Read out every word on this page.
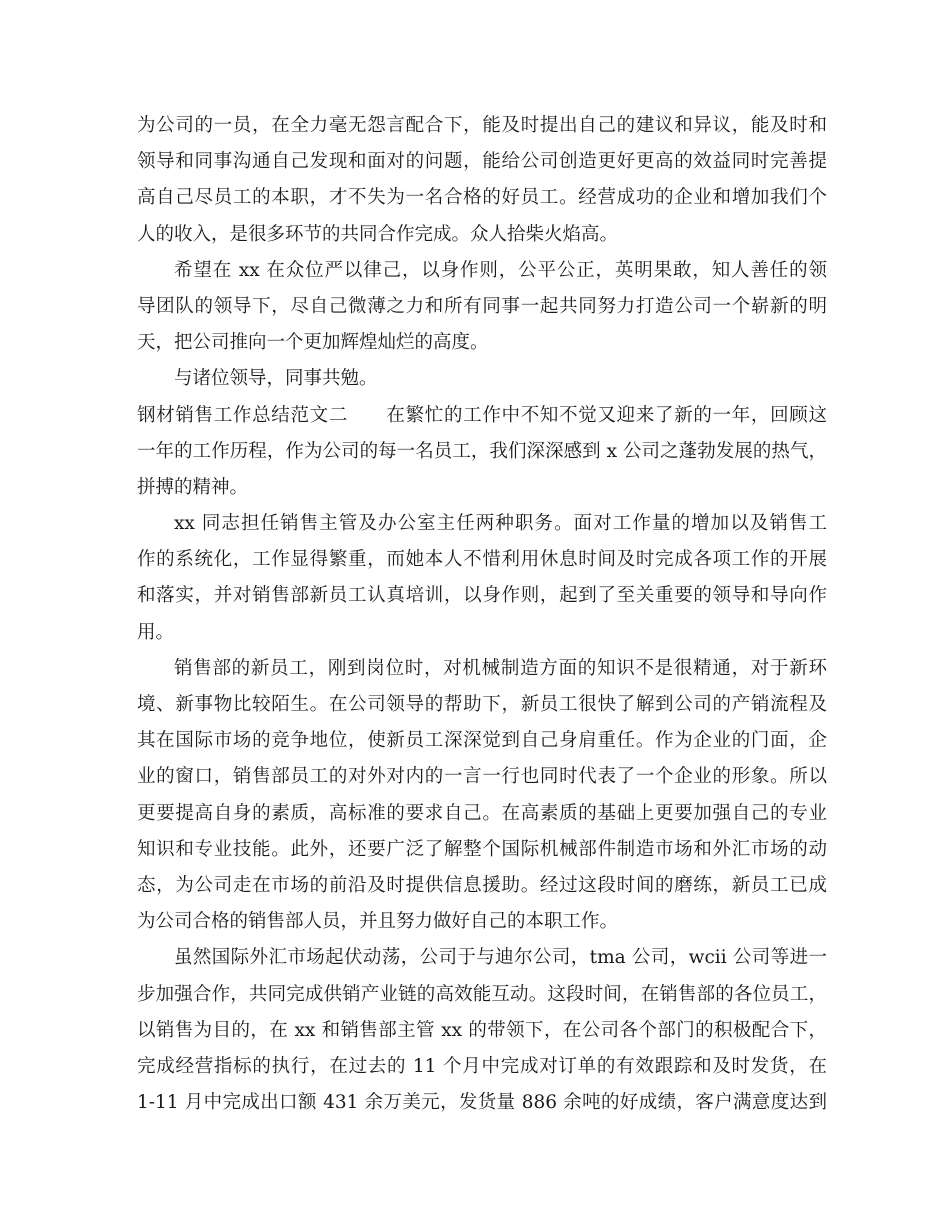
为公司的一员，在全力毫无怨言配合下，能及时提出自己的建议和异议，能及时和
领导和同事沟通自己发现和面对的问题，能给公司创造更好更高的效益同时完善提
高自己尽员工的本职，才不失为一名合格的好员工。经营成功的企业和增加我们个
人的收入，是很多环节的共同合作完成。众人拾柴火焰高。
希望在 xx 在众位严以律己，以身作则，公平公正，英明果敢，知人善任的领
导团队的领导下，尽自己微薄之力和所有同事一起共同努力打造公司一个崭新的明
天，把公司推向一个更加辉煌灿烂的高度。
与诸位领导，同事共勉。
钢材销售工作总结范文二　　在繁忙的工作中不知不觉又迎来了新的一年，回顾这
一年的工作历程，作为公司的每一名员工，我们深深感到 x 公司之蓬勃发展的热气，
拼搏的精神。
xx 同志担任销售主管及办公室主任两种职务。面对工作量的增加以及销售工
作的系统化，工作显得繁重，而她本人不惜利用休息时间及时完成各项工作的开展
和落实，并对销售部新员工认真培训，以身作则，起到了至关重要的领导和导向作
用。
销售部的新员工，刚到岗位时，对机械制造方面的知识不是很精通，对于新环
境、新事物比较陌生。在公司领导的帮助下，新员工很快了解到公司的产销流程及
其在国际市场的竞争地位，使新员工深深觉到自己身肩重任。作为企业的门面，企
业的窗口，销售部员工的对外对内的一言一行也同时代表了一个企业的形象。所以
更要提高自身的素质，高标准的要求自己。在高素质的基础上更要加强自己的专业
知识和专业技能。此外，还要广泛了解整个国际机械部件制造市场和外汇市场的动
态，为公司走在市场的前沿及时提供信息援助。经过这段时间的磨练，新员工已成
为公司合格的销售部人员，并且努力做好自己的本职工作。
虽然国际外汇市场起伏动荡，公司于与迪尔公司，tma 公司，wcii 公司等进一
步加强合作，共同完成供销产业链的高效能互动。这段时间，在销售部的各位员工，
以销售为目的，在 xx 和销售部主管 xx 的带领下，在公司各个部门的积极配合下，
完成经营指标的执行，在过去的 11 个月中完成对订单的有效跟踪和及时发货，在
1-11 月中完成出口额 431 余万美元，发货量 886 余吨的好成绩，客户满意度达到
